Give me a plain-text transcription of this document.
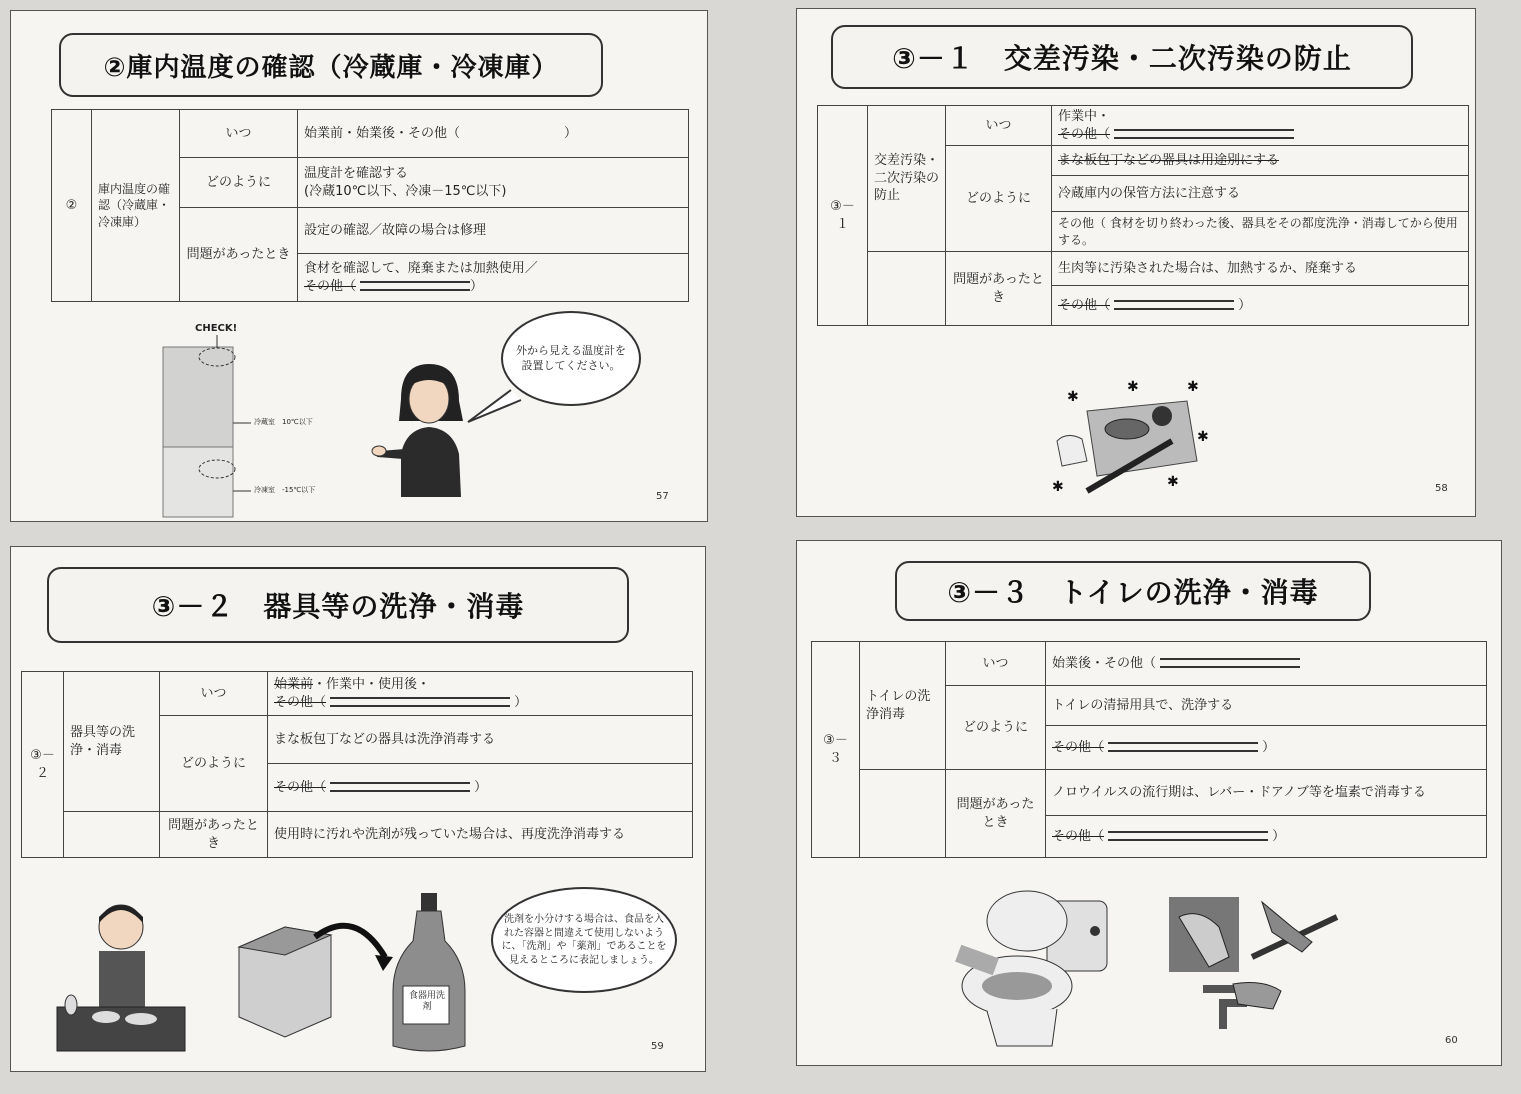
②庫内温度の確認（冷蔵庫・冷凍庫）
②	庫内温度の確認（冷蔵庫・冷凍庫）	いつ	始業前・始業後・その他（　　　　　　　　）
		どのように	温度計を確認する
(冷蔵10℃以下、冷凍－15℃以下)

		問題があったとき	設定の確認／故障の場合は修理

			食材を確認して、廃棄または加熱使用／
その他（ ）
CHECK!
冷蔵室　10℃以下
冷凍室　-15℃以下
外から見える温度計を設置してください。
57
③－１　交差汚染・二次汚染の防止
③－１	交差汚染・二次汚染の防止	いつ	作業中・
その他（

		どのように	まな板包丁などの器具は用途別にする
			冷蔵庫内の保管方法に注意する
			その他（ 食材を切り終わった後、器具をその都度洗浄・消毒してから使用する。
		問題があったとき	生肉等に汚染された場合は、加熱するか、廃棄する
			その他（ ）
✱
✱	✱
✱	✱
✱
58
③－２　器具等の洗浄・消毒
③－２	器具等の洗浄・消毒	いつ	始業前・作業中・使用後・
その他（ ）

		どのように	まな板包丁などの器具は洗浄消毒する
			その他（ ）
		問題があったとき	使用時に汚れや洗剤が残っていた場合は、再度洗浄消毒する
食器用洗剤
洗剤を小分けする場合は、食品を入れた容器と間違えて使用しないように、「洗剤」や「薬剤」であることを見えるところに表記しましょう。
59
③－３　トイレの洗浄・消毒
③－３	トイレの洗浄消毒	いつ	始業後・その他（
		どのように	トイレの清掃用具で、洗浄する
			その他（ ）
		問題があったとき	ノロウイルスの流行期は、レバー・ドアノブ等を塩素で消毒する
			その他（ ）
60
